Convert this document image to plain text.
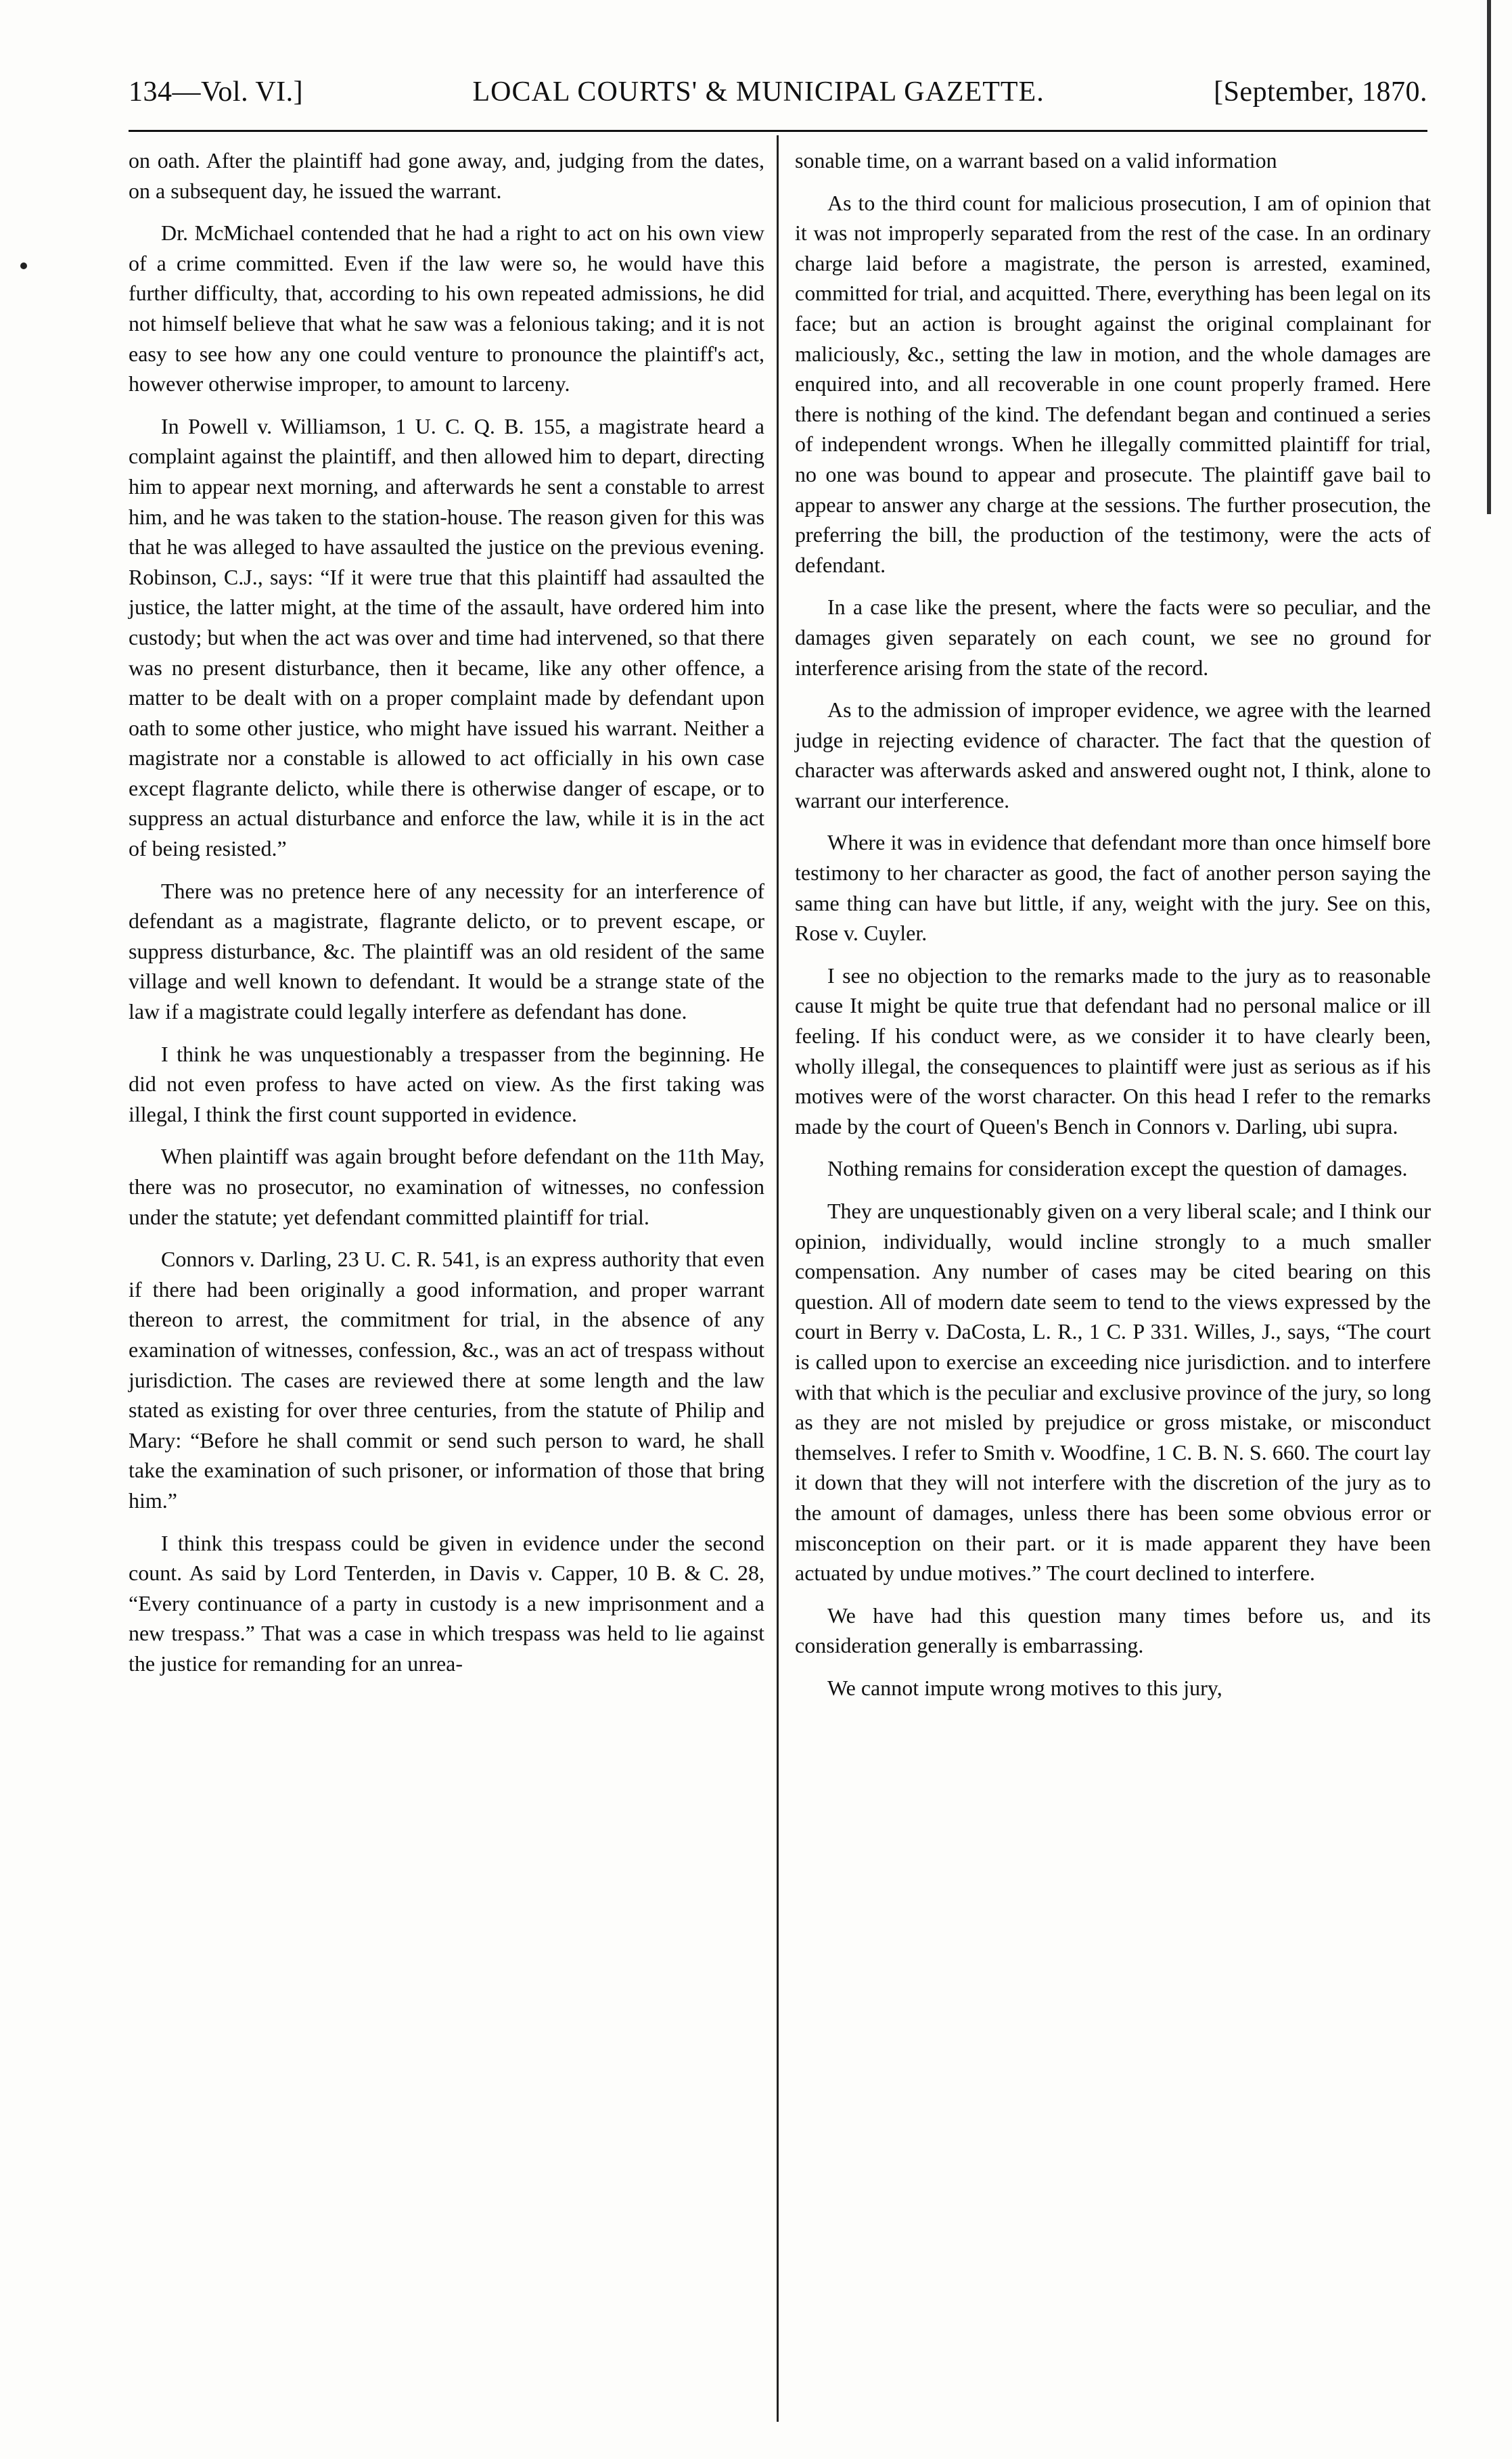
134—Vol. VI.]	LOCAL COURTS' & MUNICIPAL GAZETTE.	[September, 1870.

on oath. After the plaintiff had gone away, and, judging from the dates, on a subsequent day, he issued the warrant.

Dr. McMichael contended that he had a right to act on his own view of a crime committed. Even if the law were so, he would have this further difficulty, that, according to his own repeated admissions, he did not himself believe that what he saw was a felonious taking; and it is not easy to see how any one could venture to pronounce the plaintiff's act, however otherwise improper, to amount to larceny.

In Powell v. Williamson, 1 U. C. Q. B. 155, a magistrate heard a complaint against the plaintiff, and then allowed him to depart, directing him to appear next morning, and afterwards he sent a constable to arrest him, and he was taken to the station-house. The reason given for this was that he was alleged to have assaulted the justice on the previous evening. Robinson, C.J., says: “If it were true that this plaintiff had assaulted the justice, the latter might, at the time of the assault, have ordered him into custody; but when the act was over and time had intervened, so that there was no present disturbance, then it became, like any other offence, a matter to be dealt with on a proper complaint made by defendant upon oath to some other justice, who might have issued his warrant. Neither a magistrate nor a constable is allowed to act officially in his own case except flagrante delicto, while there is otherwise danger of escape, or to suppress an actual disturbance and enforce the law, while it is in the act of being resisted.”

There was no pretence here of any necessity for an interference of defendant as a magistrate, flagrante delicto, or to prevent escape, or suppress disturbance, &c. The plaintiff was an old resident of the same village and well known to defendant. It would be a strange state of the law if a magistrate could legally interfere as defendant has done.

I think he was unquestionably a trespasser from the beginning. He did not even profess to have acted on view. As the first taking was illegal, I think the first count supported in evidence.

When plaintiff was again brought before defendant on the 11th May, there was no prosecutor, no examination of witnesses, no confession under the statute; yet defendant committed plaintiff for trial.

Connors v. Darling, 23 U. C. R. 541, is an express authority that even if there had been originally a good information, and proper warrant thereon to arrest, the commitment for trial, in the absence of any examination of witnesses, confession, &c., was an act of trespass without jurisdiction. The cases are reviewed there at some length and the law stated as existing for over three centuries, from the statute of Philip and Mary: “Before he shall commit or send such person to ward, he shall take the examination of such prisoner, or information of those that bring him.”

I think this trespass could be given in evidence under the second count. As said by Lord Tenterden, in Davis v. Capper, 10 B. & C. 28, “Every continuance of a party in custody is a new imprisonment and a new trespass.” That was a case in which trespass was held to lie against the justice for remanding for an unrea-

sonable time, on a warrant based on a valid information

As to the third count for malicious prosecution, I am of opinion that it was not improperly separated from the rest of the case. In an ordinary charge laid before a magistrate, the person is arrested, examined, committed for trial, and acquitted. There, everything has been legal on its face; but an action is brought against the original complainant for maliciously, &c., setting the law in motion, and the whole damages are enquired into, and all recoverable in one count properly framed. Here there is nothing of the kind. The defendant began and continued a series of independent wrongs. When he illegally committed plaintiff for trial, no one was bound to appear and prosecute. The plaintiff gave bail to appear to answer any charge at the sessions. The further prosecution, the preferring the bill, the production of the testimony, were the acts of defendant.

In a case like the present, where the facts were so peculiar, and the damages given separately on each count, we see no ground for interference arising from the state of the record.

As to the admission of improper evidence, we agree with the learned judge in rejecting evidence of character. The fact that the question of character was afterwards asked and answered ought not, I think, alone to warrant our interference.

Where it was in evidence that defendant more than once himself bore testimony to her character as good, the fact of another person saying the same thing can have but little, if any, weight with the jury. See on this, Rose v. Cuyler.

I see no objection to the remarks made to the jury as to reasonable cause It might be quite true that defendant had no personal malice or ill feeling. If his conduct were, as we consider it to have clearly been, wholly illegal, the consequences to plaintiff were just as serious as if his motives were of the worst character. On this head I refer to the remarks made by the court of Queen's Bench in Connors v. Darling, ubi supra.

Nothing remains for consideration except the question of damages.

They are unquestionably given on a very liberal scale; and I think our opinion, individually, would incline strongly to a much smaller compensation. Any number of cases may be cited bearing on this question. All of modern date seem to tend to the views expressed by the court in Berry v. DaCosta, L. R., 1 C. P 331. Willes, J., says, “The court is called upon to exercise an exceeding nice jurisdiction. and to interfere with that which is the peculiar and exclusive province of the jury, so long as they are not misled by prejudice or gross mistake, or misconduct themselves. I refer to Smith v. Woodfine, 1 C. B. N. S. 660. The court lay it down that they will not interfere with the discretion of the jury as to the amount of damages, unless there has been some obvious error or misconception on their part. or it is made apparent they have been actuated by undue motives.” The court declined to interfere.

We have had this question many times before us, and its consideration generally is embarrassing.

We cannot impute wrong motives to this jury,
